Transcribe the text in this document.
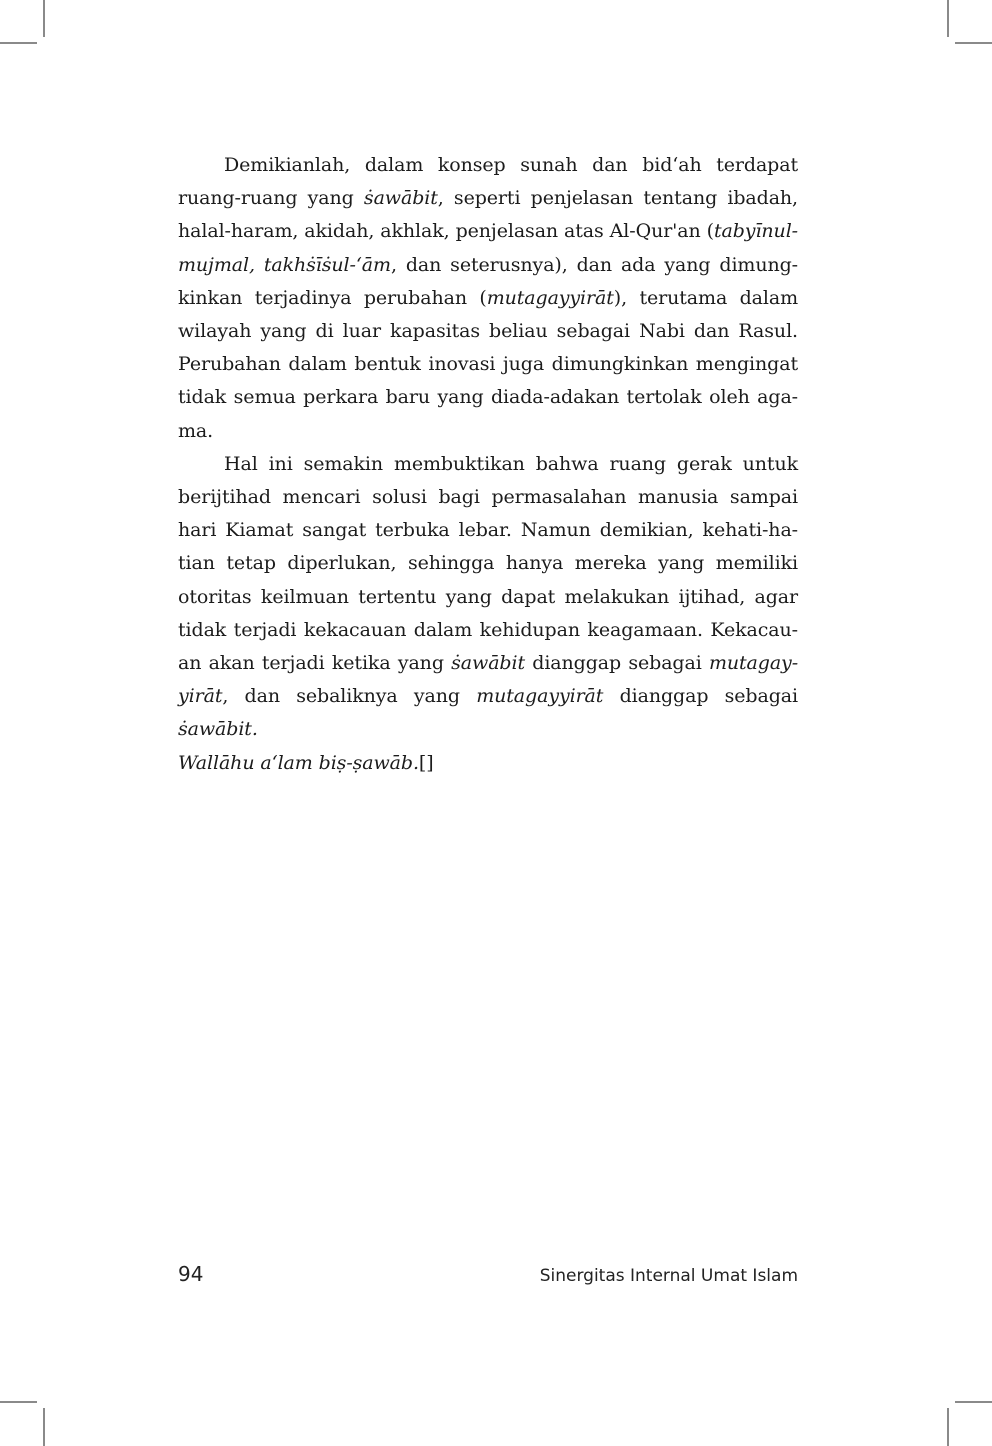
Demikianlah, dalam konsep sunah dan bid‘ah terdapat
ruang-ruang yang ṡawābit, seperti penjelasan tentang ibadah,
halal-haram, akidah, akhlak, penjelasan atas Al-Qur'an (tabyīnul-
mujmal, takhṡīṡul-‘ām, dan seterusnya), dan ada yang dimung-
kinkan terjadinya perubahan (mutagayyirāt), terutama dalam
wilayah yang di luar kapasitas beliau sebagai Nabi dan Rasul.
Perubahan dalam bentuk inovasi juga dimungkinkan mengingat
tidak semua perkara baru yang diada-adakan tertolak oleh aga-
ma.
Hal ini semakin membuktikan bahwa ruang gerak untuk
berijtihad mencari solusi bagi permasalahan manusia sampai
hari Kiamat sangat terbuka lebar. Namun demikian, kehati-ha-
tian tetap diperlukan, sehingga hanya mereka yang memiliki
otoritas keilmuan tertentu yang dapat melakukan ijtihad, agar
tidak terjadi kekacauan dalam kehidupan keagamaan. Kekacau-
an akan terjadi ketika yang ṡawābit dianggap sebagai mutagay-
yirāt, dan sebaliknya yang mutagayyirāt dianggap sebagai ṡawābit.
Wallāhu a‘lam biṣ-ṣawāb.[]
94	Sinergitas Internal Umat Islam
